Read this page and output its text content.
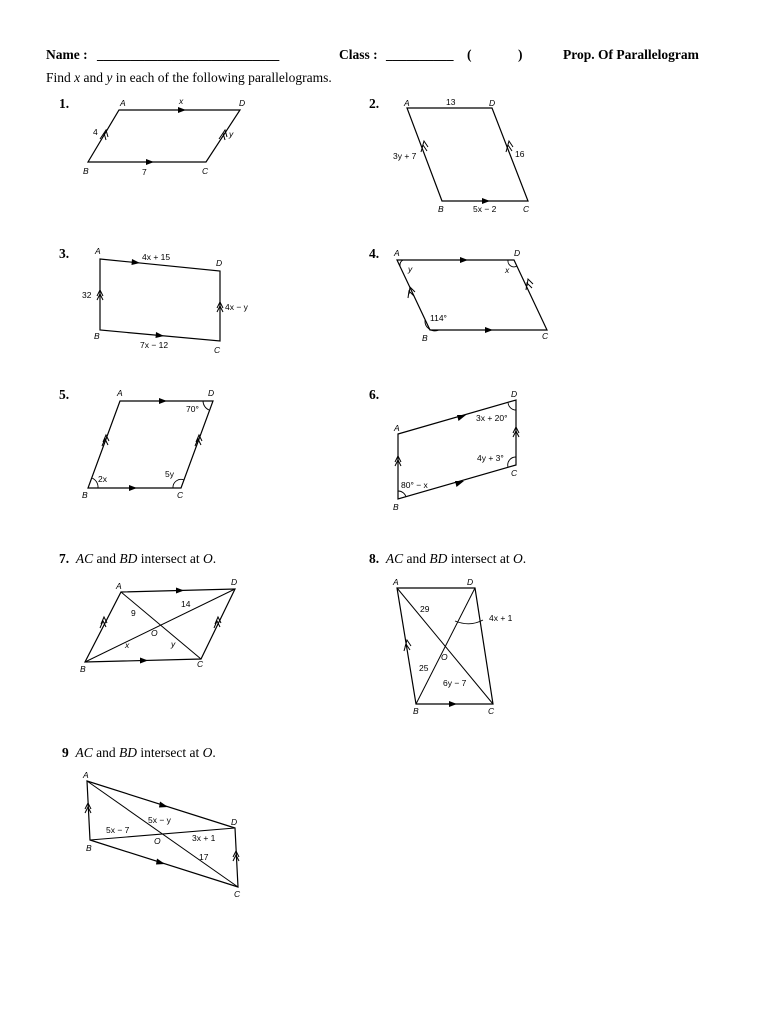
Name : ___________________________	Class : __________ (	)	Prop. Of Parallelogram
Find x and y in each of the following parallelograms.
1.	2.
3.	4.
5.	6.
7. AC and BD intersect at O.	8. AC and BD intersect at O.
9 AC and BD intersect at O.
A	D
B	C
x
7
4	y
A	D
B	C
13
5x − 2
3y + 7	16
A
D
B
C
4x + 15
7x − 12
32
4x − y
A	D
B	C
y	x
114°
A	D
B	C
70°
2x	5y
A
D
B
C
3x + 20°
4y + 3°
80° − x
A	D
B	C
O
9
14
x	y
A	D
B	C
O
29
4x + 1
25
6y − 7
A
D
B
C
O
5x − 7
5x − y
3x + 1
17
